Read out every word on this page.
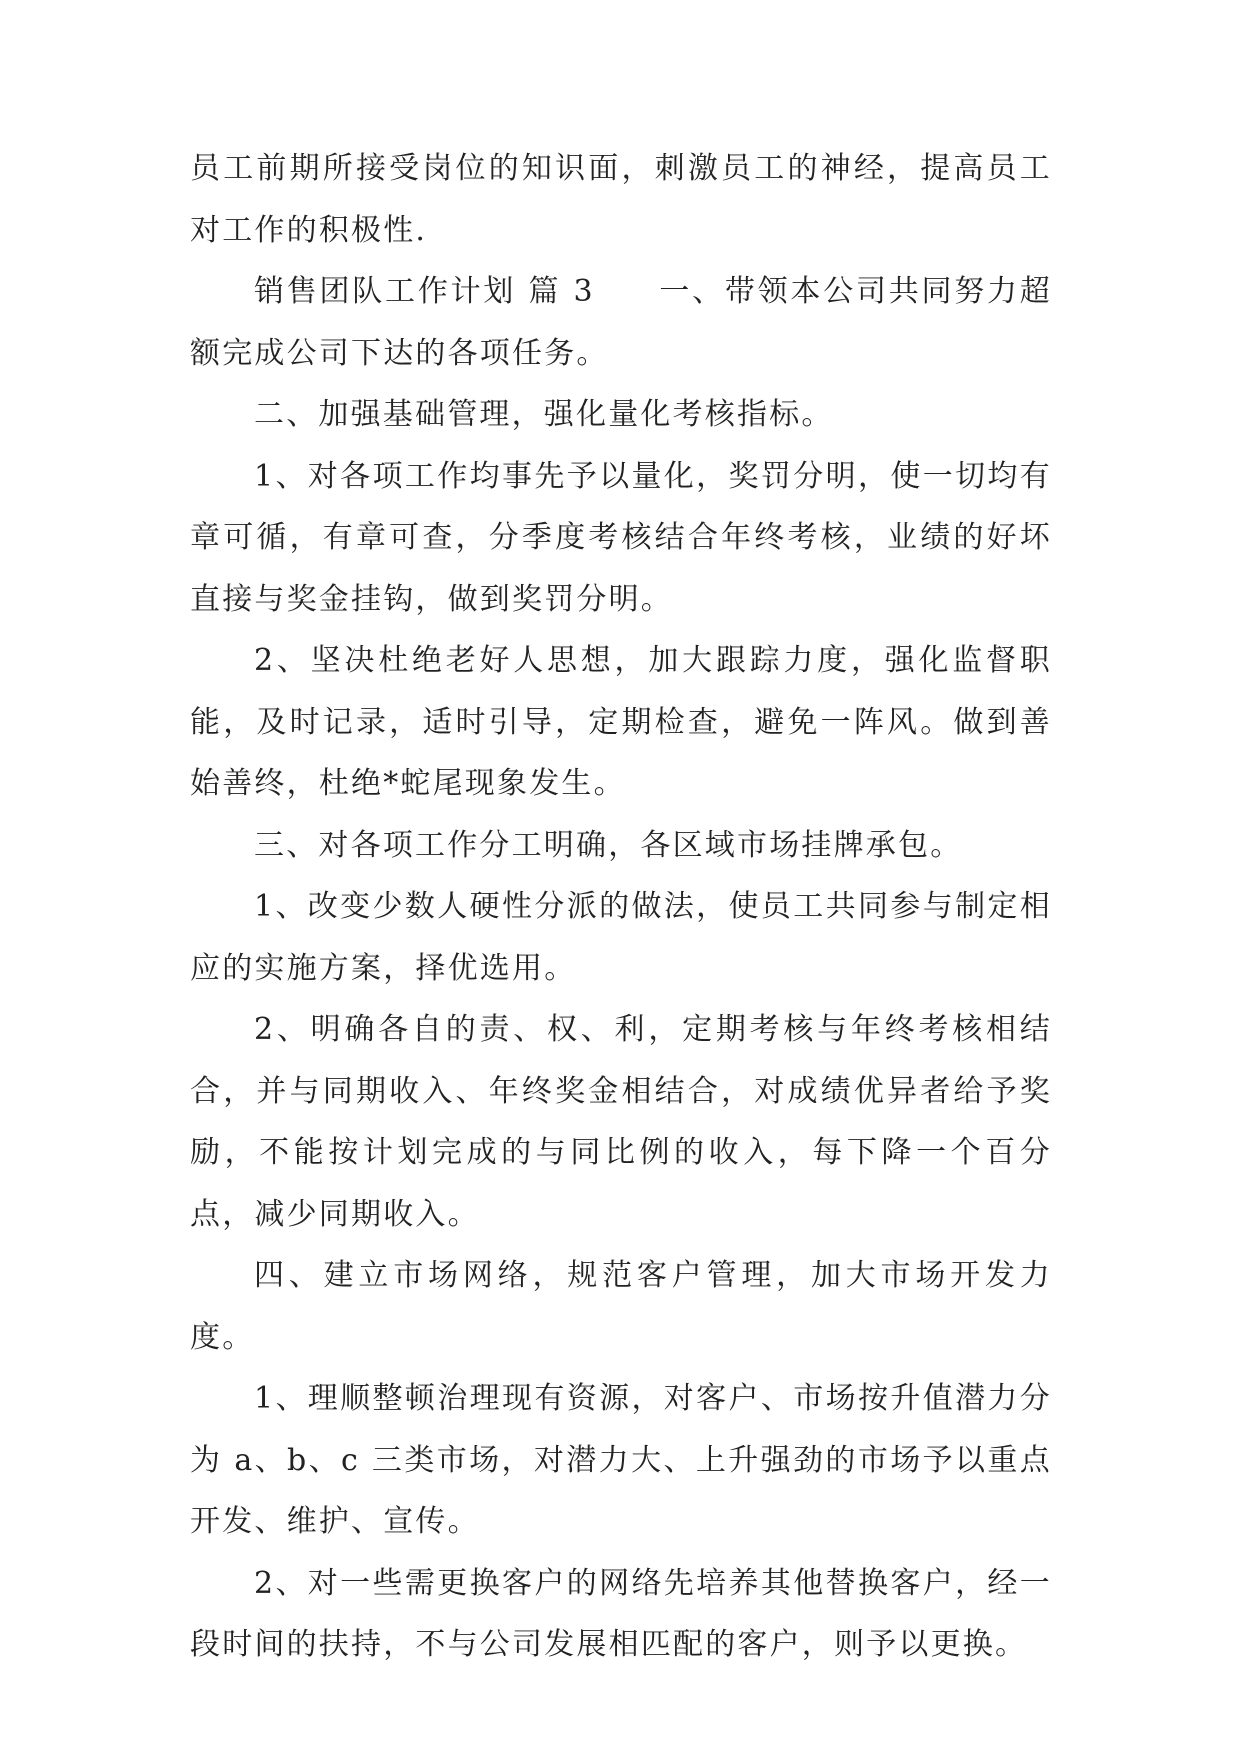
员工前期所接受岗位的知识面，刺激员工的神经，提高员工对工作的积极性.

销售团队工作计划 篇 3 一、带领本公司共同努力超额完成公司下达的各项任务。

二、加强基础管理，强化量化考核指标。

1、对各项工作均事先予以量化，奖罚分明，使一切均有章可循，有章可查，分季度考核结合年终考核，业绩的好坏直接与奖金挂钩，做到奖罚分明。

2、坚决杜绝老好人思想，加大跟踪力度，强化监督职能，及时记录，适时引导，定期检查，避免一阵风。做到善始善终，杜绝*蛇尾现象发生。

三、对各项工作分工明确，各区域市场挂牌承包。

1、改变少数人硬性分派的做法，使员工共同参与制定相应的实施方案，择优选用。

2、明确各自的责、权、利，定期考核与年终考核相结合，并与同期收入、年终奖金相结合，对成绩优异者给予奖励，不能按计划完成的与同比例的收入，每下降一个百分点，减少同期收入。

四、建立市场网络，规范客户管理，加大市场开发力度。

1、理顺整顿治理现有资源，对客户、市场按升值潜力分为 a、b、c 三类市场，对潜力大、上升强劲的市场予以重点开发、维护、宣传。

2、对一些需更换客户的网络先培养其他替换客户，经一段时间的扶持，不与公司发展相匹配的客户，则予以更换。
